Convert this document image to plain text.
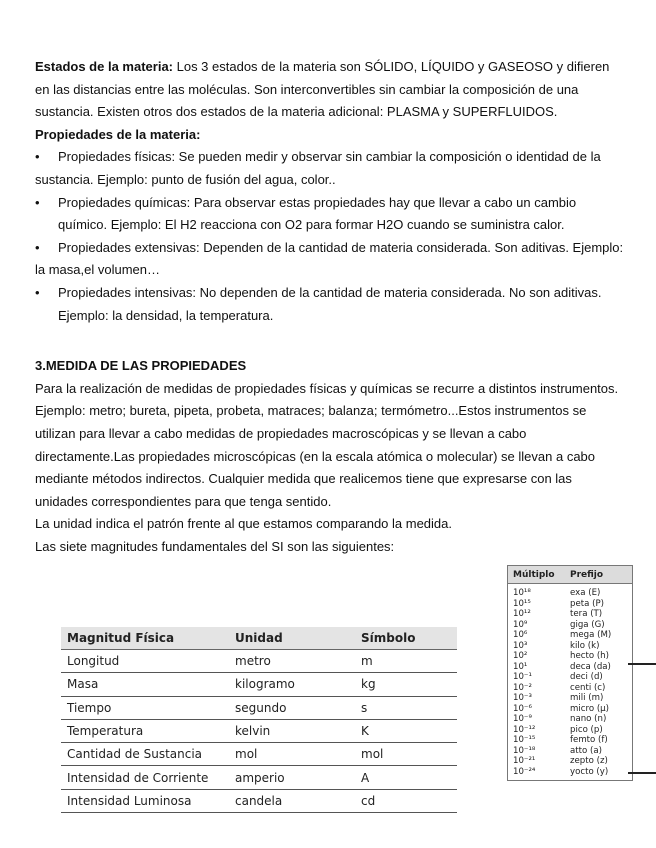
Estados de la materia: Los 3 estados de la materia son SÓLIDO, LÍQUIDO y GASEOSO y difieren en las distancias entre las moléculas. Son interconvertibles sin cambiar la composición de una sustancia. Existen otros dos estados de la materia adicional: PLASMA y SUPERFLUIDOS.

Propiedades de la materia:

• Propiedades físicas: Se pueden medir y observar sin cambiar la composición o identidad de la sustancia. Ejemplo: punto de fusión del agua, color..

• Propiedades químicas: Para observar estas propiedades hay que llevar a cabo un cambio químico. Ejemplo: El H2 reacciona con O2 para formar H2O cuando se suministra calor.

• Propiedades extensivas: Dependen de la cantidad de materia considerada. Son aditivas. Ejemplo: la masa,el volumen…

• Propiedades intensivas: No dependen de la cantidad de materia considerada. No son aditivas. Ejemplo: la densidad, la temperatura.

3.MEDIDA DE LAS PROPIEDADES

Para la realización de medidas de propiedades físicas y químicas se recurre a distintos instrumentos. Ejemplo: metro; bureta, pipeta, probeta, matraces; balanza; termómetro...Estos instrumentos se utilizan para llevar a cabo medidas de propiedades macroscópicas y se llevan a cabo directamente.Las propiedades microscópicas (en la escala atómica o molecular) se llevan a cabo mediante métodos indirectos. Cualquier medida que realicemos tiene que expresarse con las unidades correspondientes para que tenga sentido.

La unidad indica el patrón frente al que estamos comparando la medida.

Las siete magnitudes fundamentales del SI son las siguientes:

Magnitud Física	Unidad	Símbolo
Longitud	metro	m
Masa	kilogramo	kg
Tiempo	segundo	s
Temperatura	kelvin	K
Cantidad de Sustancia	mol	mol
Intensidad de Corriente	amperio	A
Intensidad Luminosa	candela	cd
Múltiplo	Prefijo
10¹⁸	exa (E)
10¹⁵	peta (P)
10¹²	tera (T)
10⁹	giga (G)
10⁶	mega (M)
10³	kilo (k)
10²	hecto (h)
10¹	deca (da)
10⁻¹	deci (d)
10⁻²	centi (c)
10⁻³	mili (m)
10⁻⁶	micro (µ)
10⁻⁹	nano (n)
10⁻¹²	pico (p)
10⁻¹⁵	femto (f)
10⁻¹⁸	atto (a)
10⁻²¹	zepto (z)
10⁻²⁴	yocto (y)
